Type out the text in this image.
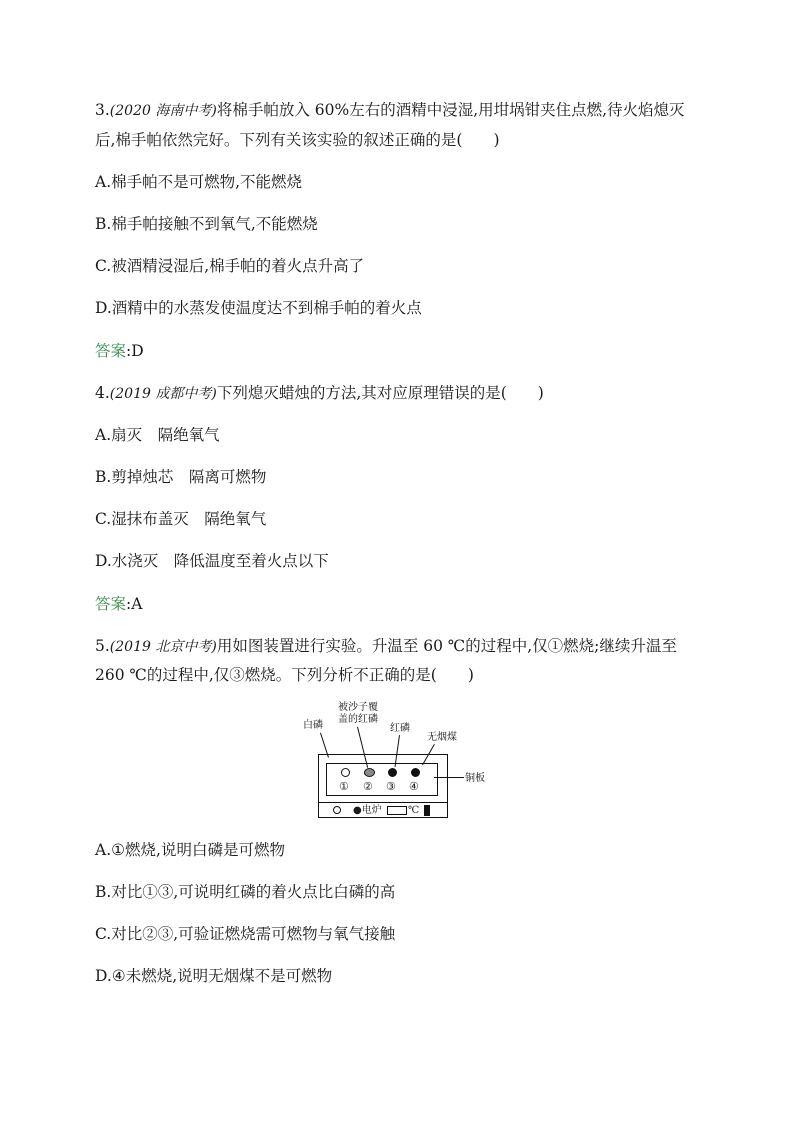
3.(2020 海南中考)将棉手帕放入 60%左右的酒精中浸湿,用坩埚钳夹住点燃,待火焰熄灭
后,棉手帕依然完好。下列有关该实验的叙述正确的是(　　)
A.棉手帕不是可燃物,不能燃烧
B.棉手帕接触不到氧气,不能燃烧
C.被酒精浸湿后,棉手帕的着火点升高了
D.酒精中的水蒸发使温度达不到棉手帕的着火点
答案:D
4.(2019 成都中考)下列熄灭蜡烛的方法,其对应原理错误的是(　　)
A.扇灭　隔绝氧气
B.剪掉烛芯　隔离可燃物
C.湿抹布盖灭　隔绝氧气
D.水浇灭　降低温度至着火点以下
答案:A
5.(2019 北京中考)用如图装置进行实验。升温至 60 ℃的过程中,仅①燃烧;继续升温至
260 ℃的过程中,仅③燃烧。下列分析不正确的是(　　)
白磷
被沙子覆
盖的红磷
红磷
无烟煤
铜板
① ② ③ ④
●电炉	℃
A.①燃烧,说明白磷是可燃物
B.对比①③,可说明红磷的着火点比白磷的高
C.对比②③,可验证燃烧需可燃物与氧气接触
D.④未燃烧,说明无烟煤不是可燃物
